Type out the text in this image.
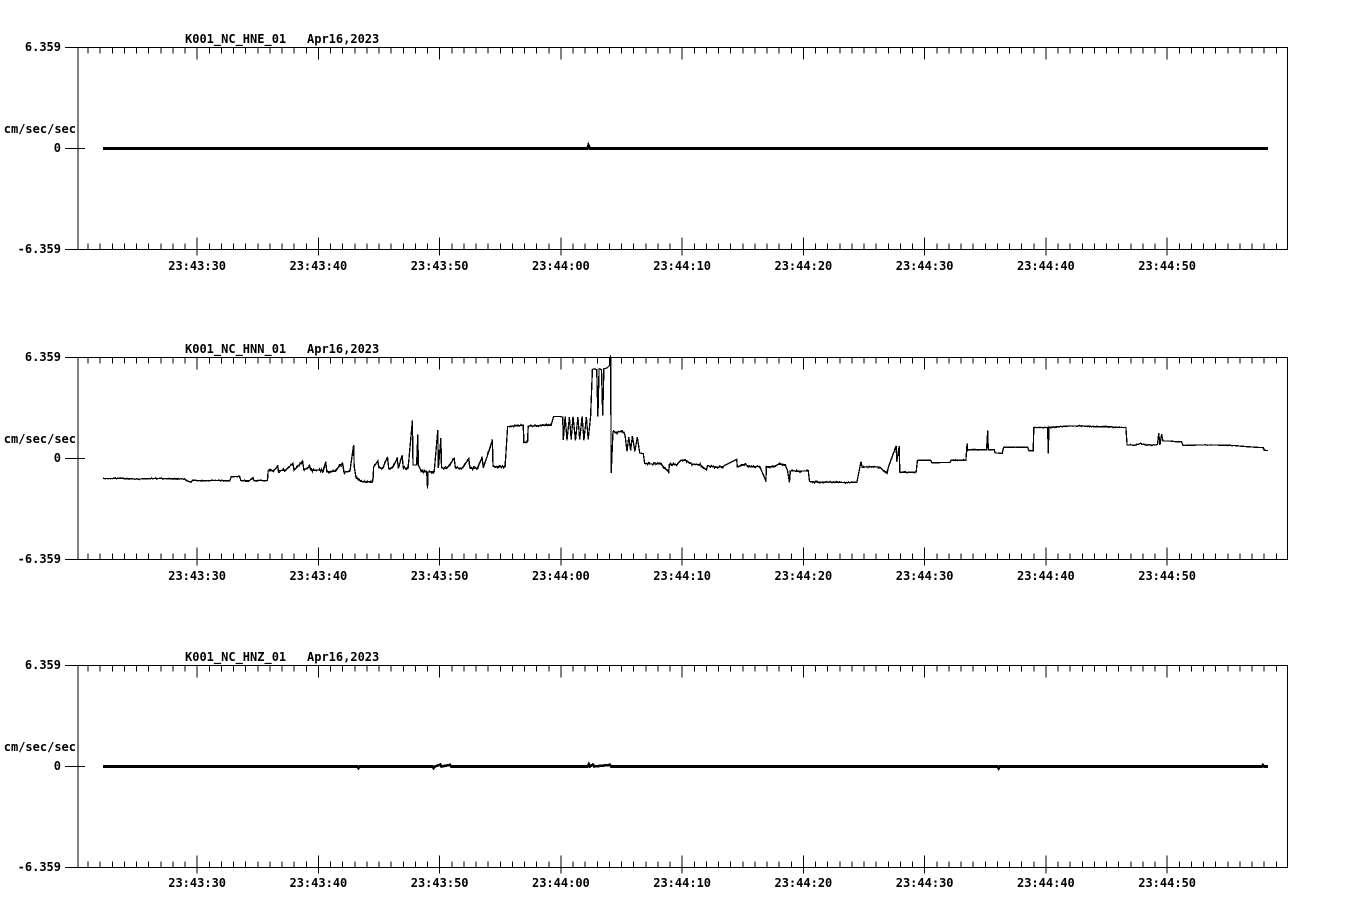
K001_NC_HNE_01 Apr16,2023
6.359
cm/sec/sec
0
-6.359
K001_NC_HNN_01 Apr16,2023
6.359
cm/sec/sec
0
-6.359
K001_NC_HNZ_01 Apr16,2023
6.359
cm/sec/sec
0
-6.359
23:43:30	23:43:40	23:43:50	23:44:00	23:44:10	23:44:20	23:44:30	23:44:40	23:44:50
23:43:30	23:43:40	23:43:50	23:44:00	23:44:10	23:44:20	23:44:30	23:44:40	23:44:50
23:43:30	23:43:40	23:43:50	23:44:00	23:44:10	23:44:20	23:44:30	23:44:40	23:44:50
